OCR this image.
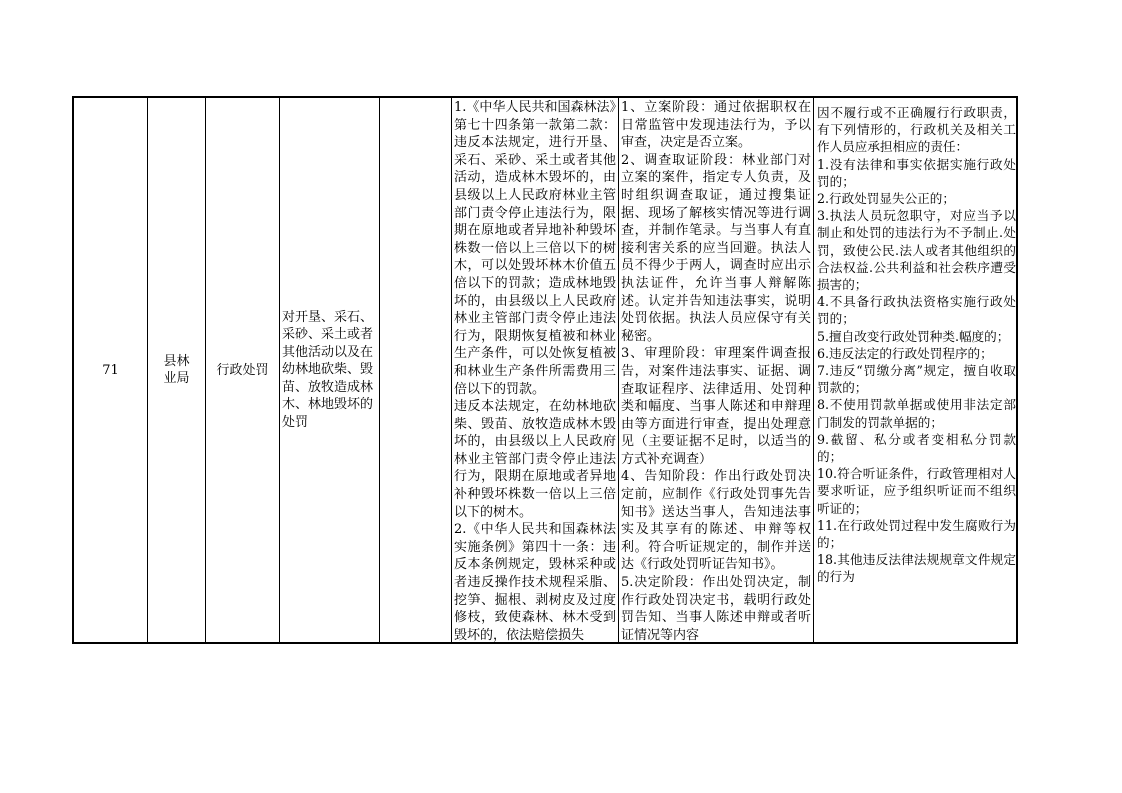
71
县林业局
行政处罚
对开垦、采石、采砂、采土或者其他活动以及在幼林地砍柴、毁苗、放牧造成林木、林地毁坏的处罚

1.《中华人民共和国森林法》第七十四条第一款第二款：违反本法规定，进行开垦、采石、采砂、采土或者其他活动，造成林木毁坏的，由县级以上人民政府林业主管部门责令停止违法行为，限期在原地或者异地补种毁坏株数一倍以上三倍以下的树木，可以处毁坏林木价值五倍以下的罚款；造成林地毁坏的，由县级以上人民政府林业主管部门责令停止违法行为，限期恢复植被和林业生产条件，可以处恢复植被和林业生产条件所需费用三倍以下的罚款。
违反本法规定，在幼林地砍柴、毁苗、放牧造成林木毁坏的，由县级以上人民政府林业主管部门责令停止违法行为，限期在原地或者异地补种毁坏株数一倍以上三倍以下的树木。
2.《中华人民共和国森林法实施条例》第四十一条：违反本条例规定，毁林采种或者违反操作技术规程采脂、挖笋、掘根、剥树皮及过度修枝，致使森林、林木受到毁坏的，依法赔偿损失

1、立案阶段：通过依据职权在日常监管中发现违法行为，予以审查，决定是否立案。
2、调查取证阶段：林业部门对立案的案件，指定专人负责，及时组织调查取证，通过搜集证据、现场了解核实情况等进行调查，并制作笔录。与当事人有直接利害关系的应当回避。执法人员不得少于两人，调查时应出示执法证件，允许当事人辩解陈述。认定并告知违法事实，说明处罚依据。执法人员应保守有关秘密。
3、审理阶段：审理案件调查报告，对案件违法事实、证据、调查取证程序、法律适用、处罚种类和幅度、当事人陈述和申辩理由等方面进行审查，提出处理意见（主要证据不足时，以适当的方式补充调查）
4、告知阶段：作出行政处罚决定前，应制作《行政处罚事先告知书》送达当事人，告知违法事实及其享有的陈述、申辩等权利。符合听证规定的，制作并送达《行政处罚听证告知书》。
5.决定阶段：作出处罚决定，制作行政处罚决定书，载明行政处罚告知、当事人陈述申辩或者听证情况等内容

因不履行或不正确履行行政职责，有下列情形的，行政机关及相关工作人员应承担相应的责任：
1.没有法律和事实依据实施行政处罚的；
2.行政处罚显失公正的；
3.执法人员玩忽职守，对应当予以制止和处罚的违法行为不予制止.处罚，致使公民.法人或者其他组织的合法权益.公共利益和社会秩序遭受损害的；
4.不具备行政执法资格实施行政处罚的；
5.擅自改变行政处罚种类.幅度的；
6.违反法定的行政处罚程序的；
7.违反“罚缴分离”规定，擅自收取罚款的；
8.不使用罚款单据或使用非法定部门制发的罚款单据的；
9.截留、私分或者变相私分罚款的；
10.符合听证条件，行政管理相对人要求听证，应予组织听证而不组织听证的；
11.在行政处罚过程中发生腐败行为的；
18.其他违反法律法规规章文件规定的行为
